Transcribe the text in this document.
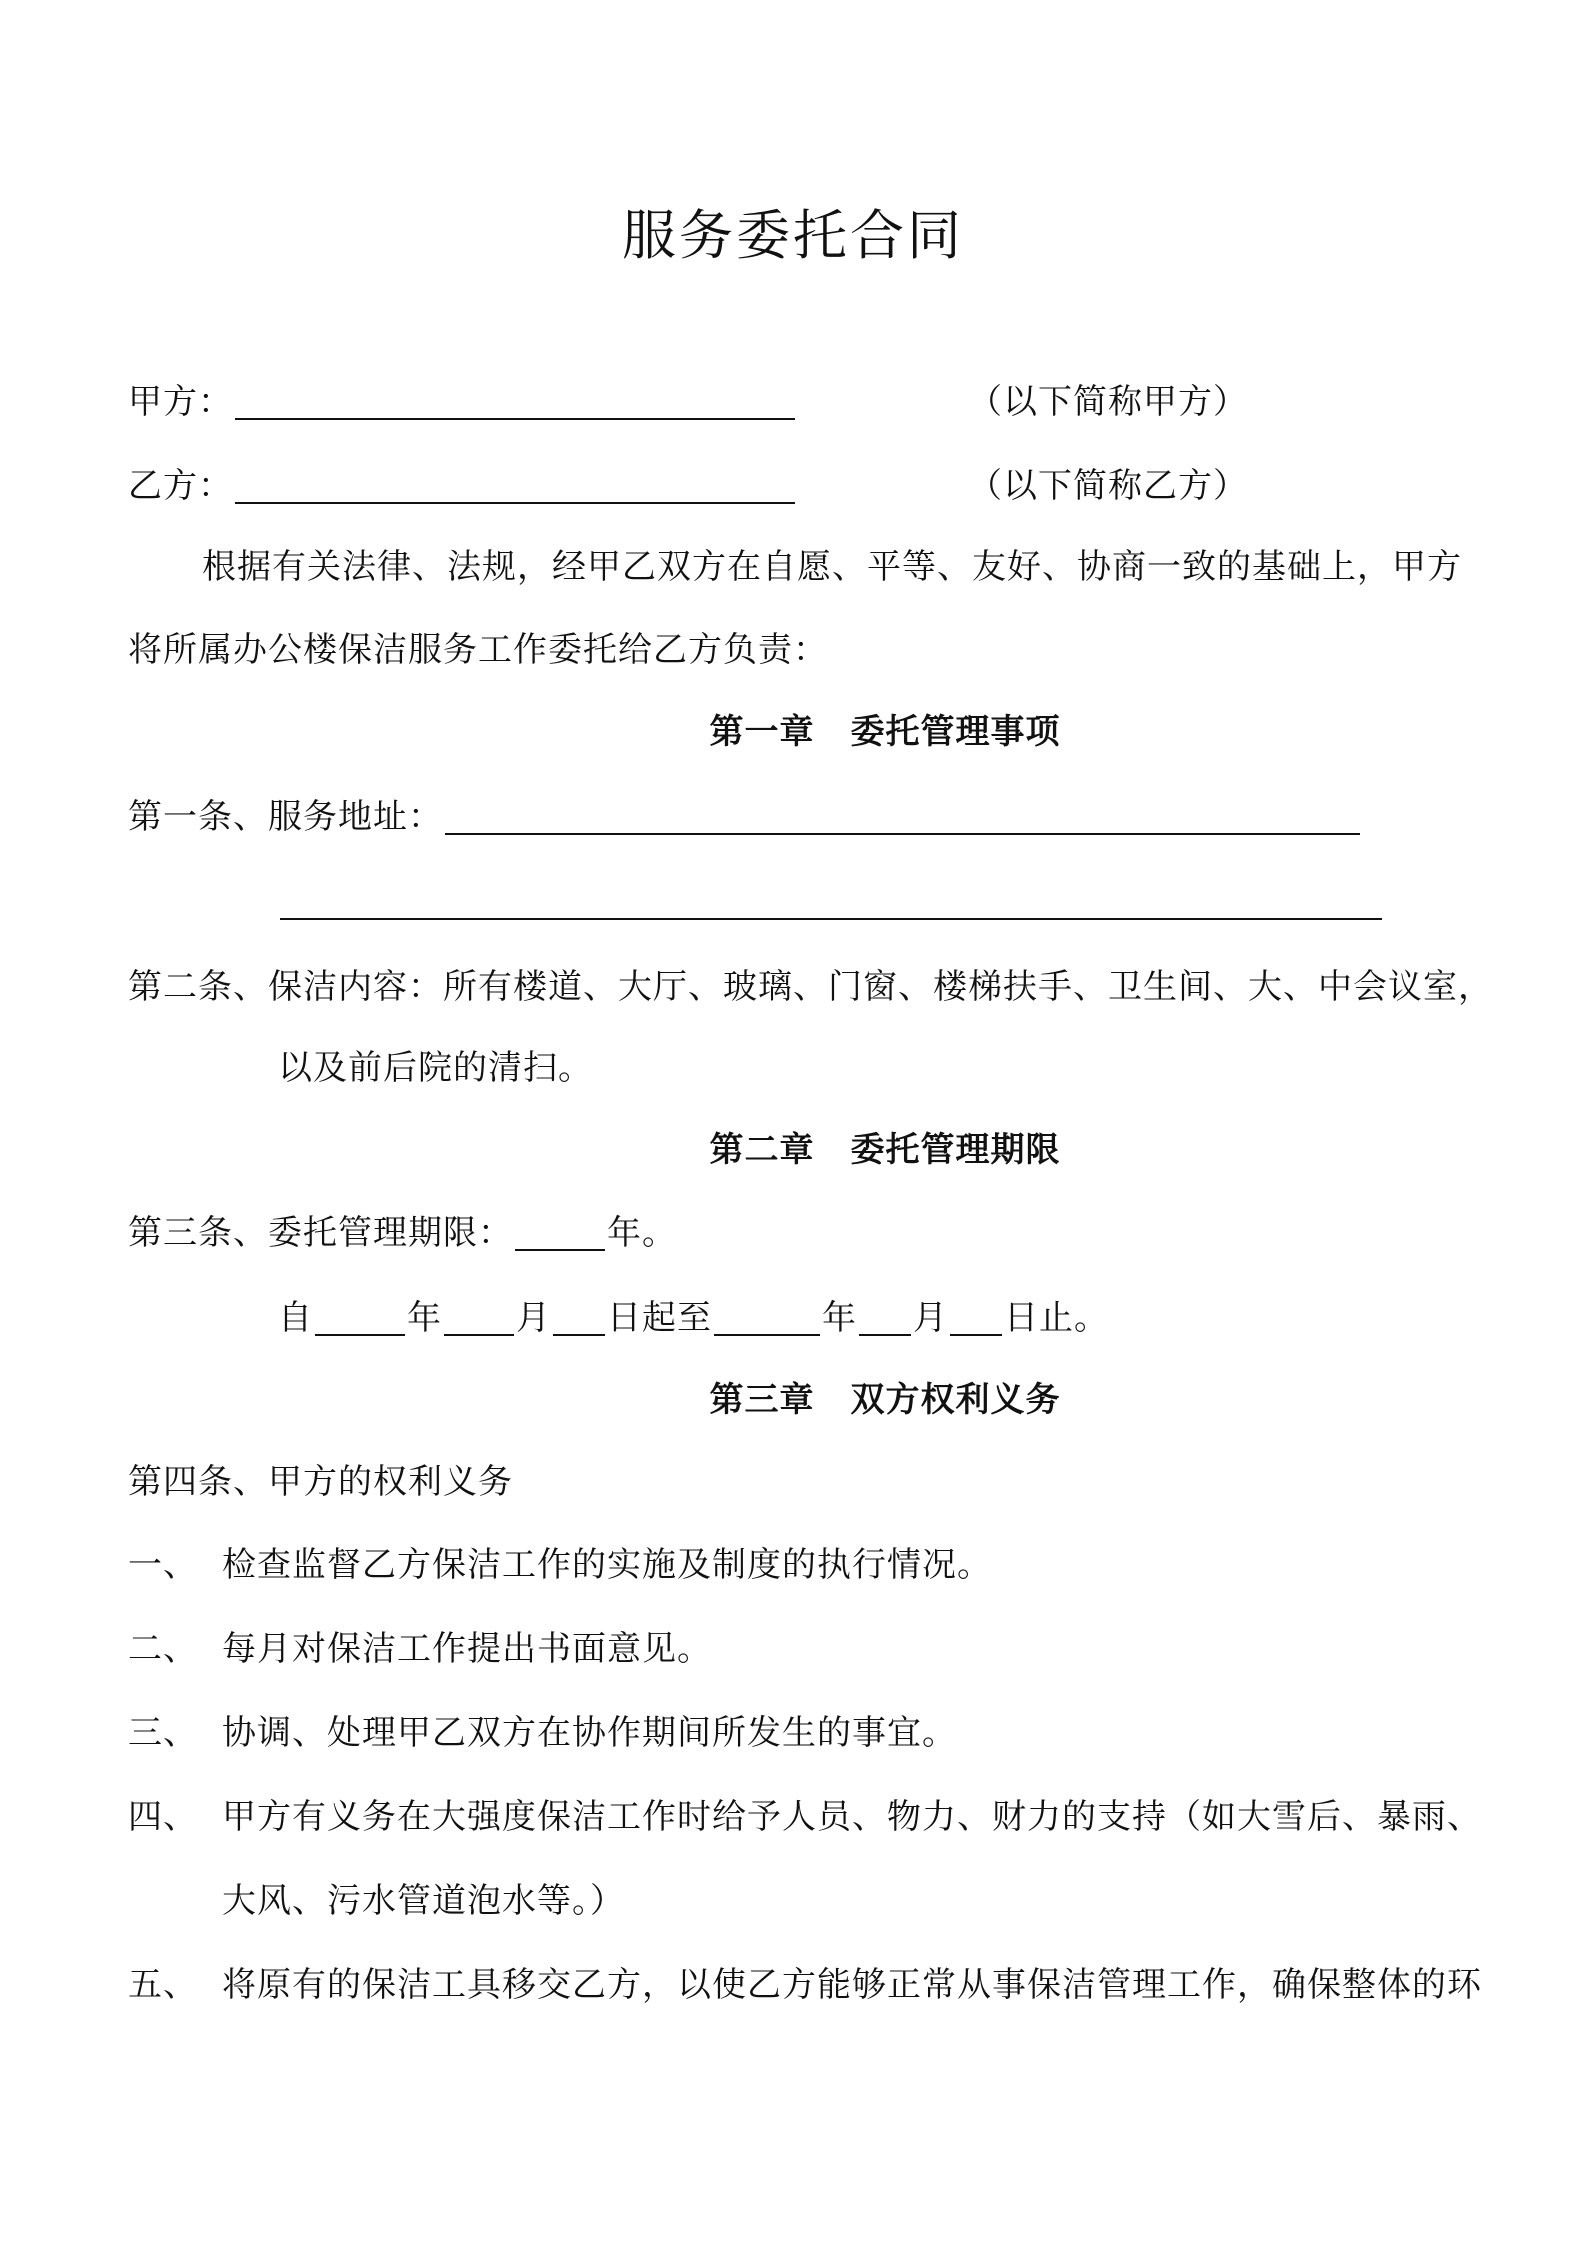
服务委托合同
甲方：	（以下简称甲方）
乙方：	（以下简称乙方）
根据有关法律、法规，经甲乙双方在自愿、平等、友好、协商一致的基础上，甲方
将所属办公楼保洁服务工作委托给乙方负责：
第一章 委托管理事项
第一条、服务地址：
第二条、保洁内容：所有楼道、大厅、玻璃、门窗、楼梯扶手、卫生间、大、中会议室，
以及前后院的清扫。
第二章 委托管理期限
第三条、委托管理期限：	年。
自	年 月 日起至	年 月 日止。
第三章 双方权利义务
第四条、甲方的权利义务
一、 检查监督乙方保洁工作的实施及制度的执行情况。
二、 每月对保洁工作提出书面意见。
三、 协调、处理甲乙双方在协作期间所发生的事宜。
四、 甲方有义务在大强度保洁工作时给予人员、物力、财力的支持（如大雪后、暴雨、
大风、污水管道泡水等。）
五、 将原有的保洁工具移交乙方，以使乙方能够正常从事保洁管理工作，确保整体的环
